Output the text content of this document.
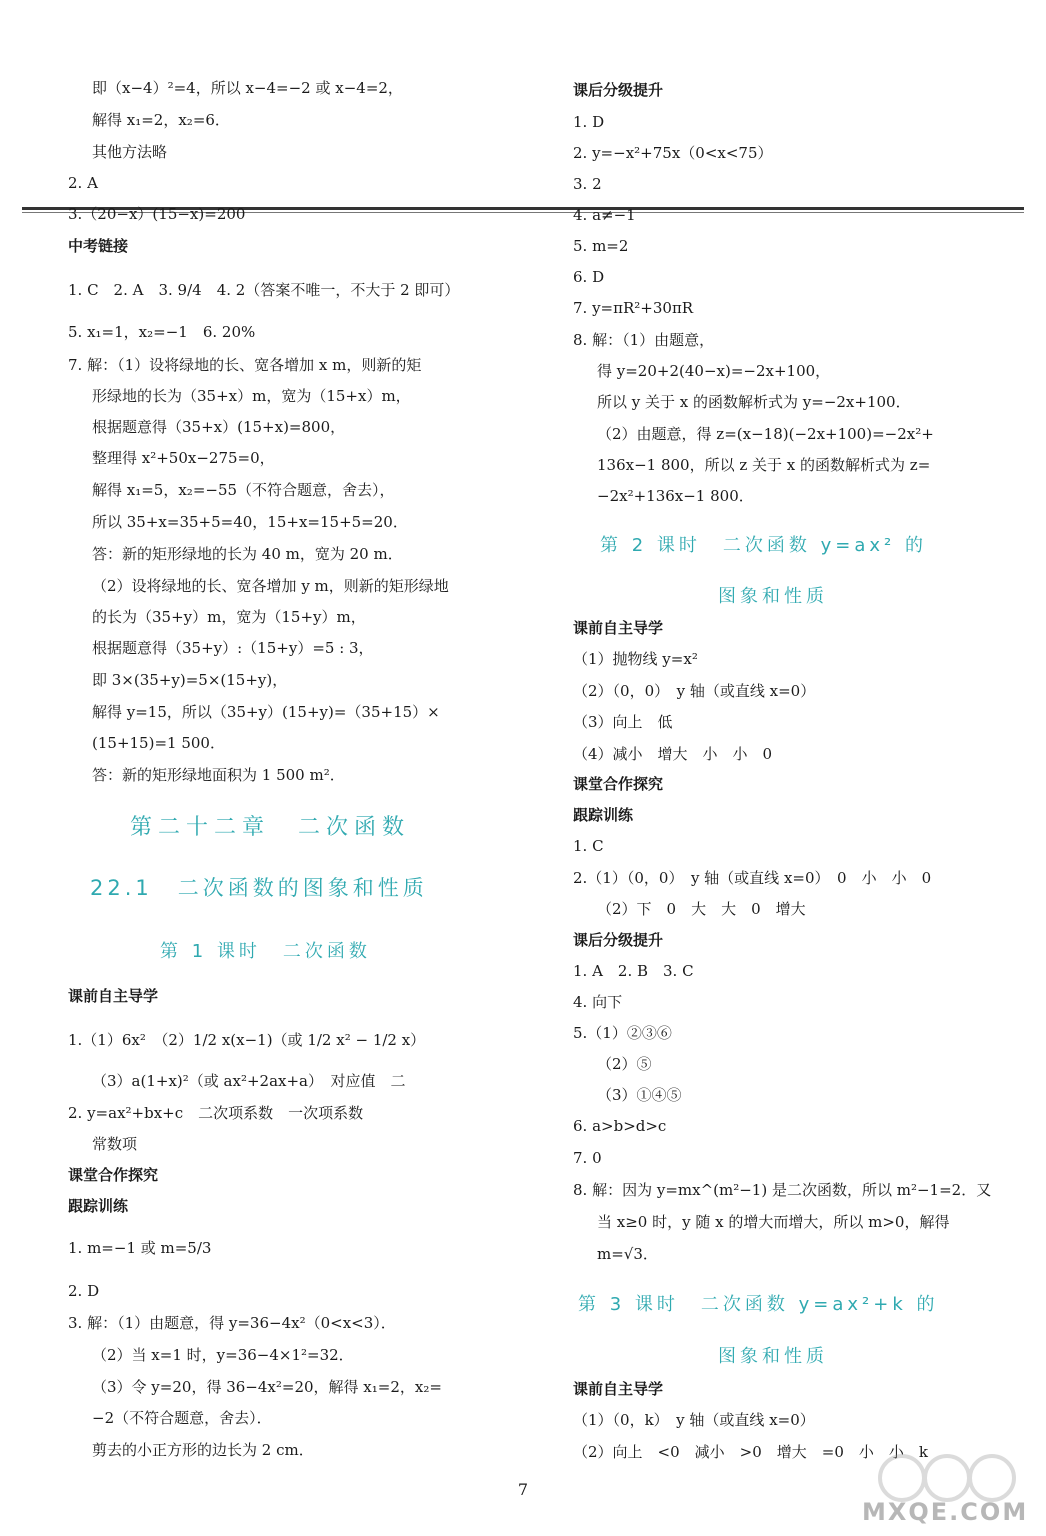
即（x−4）²=4，所以 x−4=−2 或 x−4=2，
解得 x₁=2，x₂=6．
其他方法略
2. A
3.（20−x）(15−x)=200
中考链接
1. C　2. A　3. 9/4　4. 2（答案不唯一，不大于 2 即可）
5. x₁=1，x₂=−1　6. 20%
7. 解：（1）设将绿地的长、宽各增加 x m，则新的矩
形绿地的长为（35+x）m，宽为（15+x）m，
根据题意得（35+x）(15+x)=800，
整理得 x²+50x−275=0，
解得 x₁=5，x₂=−55（不符合题意，舍去），
所以 35+x=35+5=40，15+x=15+5=20．
答：新的矩形绿地的长为 40 m，宽为 20 m．
（2）设将绿地的长、宽各增加 y m，则新的矩形绿地
的长为（35+y）m，宽为（15+y）m，
根据题意得（35+y）:（15+y）=5 : 3，
即 3×(35+y)=5×(15+y)，
解得 y=15，所以（35+y）(15+y)=（35+15）×
(15+15)=1 500．
答：新的矩形绿地面积为 1 500 m²．
课前自主导学
1.（1）6x²　（2）1/2 x(x−1)（或 1/2 x² − 1/2 x）
（3）a(1+x)²（或 ax²+2ax+a）　对应值　二
2. y=ax²+bx+c　二次项系数　一次项系数
常数项
课堂合作探究
跟踪训练
1. m=−1 或 m=5/3
2. D
3. 解：（1）由题意，得 y=36−4x²（0<x<3）．
（2）当 x=1 时，y=36−4×1²=32．
（3）令 y=20，得 36−4x²=20，解得 x₁=2，x₂=
−2（不符合题意，舍去）．
剪去的小正方形的边长为 2 cm．
课后分级提升
1. D
2. y=−x²+75x（0<x<75）
3. 2
4. a≠−1
5. m=2
6. D
7. y=πR²+30πR
8. 解：（1）由题意，
得 y=20+2(40−x)=−2x+100，
所以 y 关于 x 的函数解析式为 y=−2x+100．
（2）由题意，得 z=(x−18)(−2x+100)=−2x²+
136x−1 800，所以 z 关于 x 的函数解析式为 z=
−2x²+136x−1 800．
课前自主导学
（1）抛物线 y=x²
（2）（0，0）　y 轴（或直线 x=0）
（3）向上　低
（4）减小　增大　小　小　0
课堂合作探究
跟踪训练
1. C
2.（1）（0，0）　y 轴（或直线 x=0）　0　小　小　0
（2）下　0　大　大　0　增大
课后分级提升
1. A　2. B　3. C
4. 向下
5.（1）②③⑥
（2）⑤
（3）①④⑤
6. a>b>d>c
7. 0
8. 解：因为 y=mx^(m²−1) 是二次函数，所以 m²−1=2．又
当 x≥0 时，y 随 x 的增大而增大，所以 m>0，解得
m=√3．
课前自主导学
（1）（0，k）　y 轴（或直线 x=0）
（2）向上　<0　减小　>0　增大　=0　小　小　k
第二十二章　二次函数
22.1　二次函数的图象和性质
第 1 课时　二次函数
第 2 课时　二次函数 y=ax² 的
图象和性质
第 3 课时　二次函数 y=ax²+k 的
图象和性质
7
MXQE.COM
